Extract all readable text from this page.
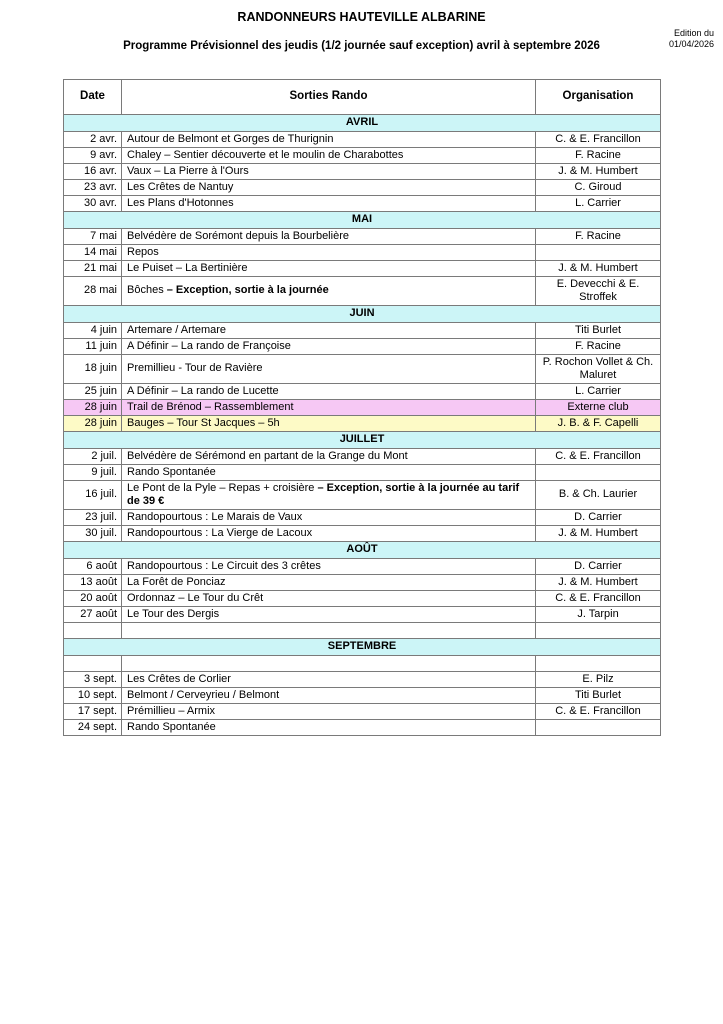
RANDONNEURS HAUTEVILLE ALBARINE
Programme Prévisionnel des jeudis (1/2 journée sauf exception) avril à septembre 2026
Edition du
01/04/2026
Date	Sorties Rando	Organisation
AVRIL		
2 avr.	Autour de Belmont et Gorges de Thurignin	C. & E. Francillon
9 avr.	Chaley – Sentier découverte et le moulin de Charabottes	F. Racine
16 avr.	Vaux – La Pierre à l'Ours	J. & M. Humbert
23 avr.	Les Crêtes de Nantuy	C. Giroud
30 avr.	Les Plans d'Hotonnes	L. Carrier
MAI		
7 mai	Belvédère de Sorémont depuis la Bourbelière	F. Racine
14 mai	Repos	
21 mai	Le Puiset – La Bertinière	J. & M. Humbert
28 mai	Bôches – Exception, sortie à la journée	E. Devecchi & E. Stroffek
JUIN		
4 juin	Artemare / Artemare	Titi Burlet
11 juin	A Définir – La rando de Françoise	F. Racine
18 juin	Premillieu - Tour de Ravière	P. Rochon Vollet & Ch. Maluret
25 juin	A Définir – La rando de Lucette	L. Carrier
28 juin	Trail de Brénod – Rassemblement	Externe club
28 juin	Bauges – Tour St Jacques – 5h	J. B. & F. Capelli
JUILLET		
2 juil.	Belvédère de Sérémond en partant de la Grange du Mont	C. & E. Francillon
9 juil.	Rando Spontanée	
16 juil.	Le Pont de la Pyle – Repas + croisière – Exception, sortie à la journée au tarif de 39 €	B. & Ch. Laurier
23 juil.	Randopourtous : Le Marais de Vaux	D. Carrier
30 juil.	Randopourtous : La Vierge de Lacoux	J. & M. Humbert
AOÛT		
6 août	Randopourtous : Le Circuit des 3 crêtes	D. Carrier
13 août	La Forêt de Ponciaz	J. & M. Humbert
20 août	Ordonnaz – Le Tour du Crêt	C. & E. Francillon
27 août	Le Tour des Dergis	J. Tarpin

SEPTEMBRE		

3 sept.	Les Crêtes de Corlier	E. Pilz
10 sept.	Belmont / Cerveyrieu / Belmont	Titi Burlet
17 sept.	Prémillieu – Armix	C. & E. Francillon
24 sept.	Rando Spontanée	
